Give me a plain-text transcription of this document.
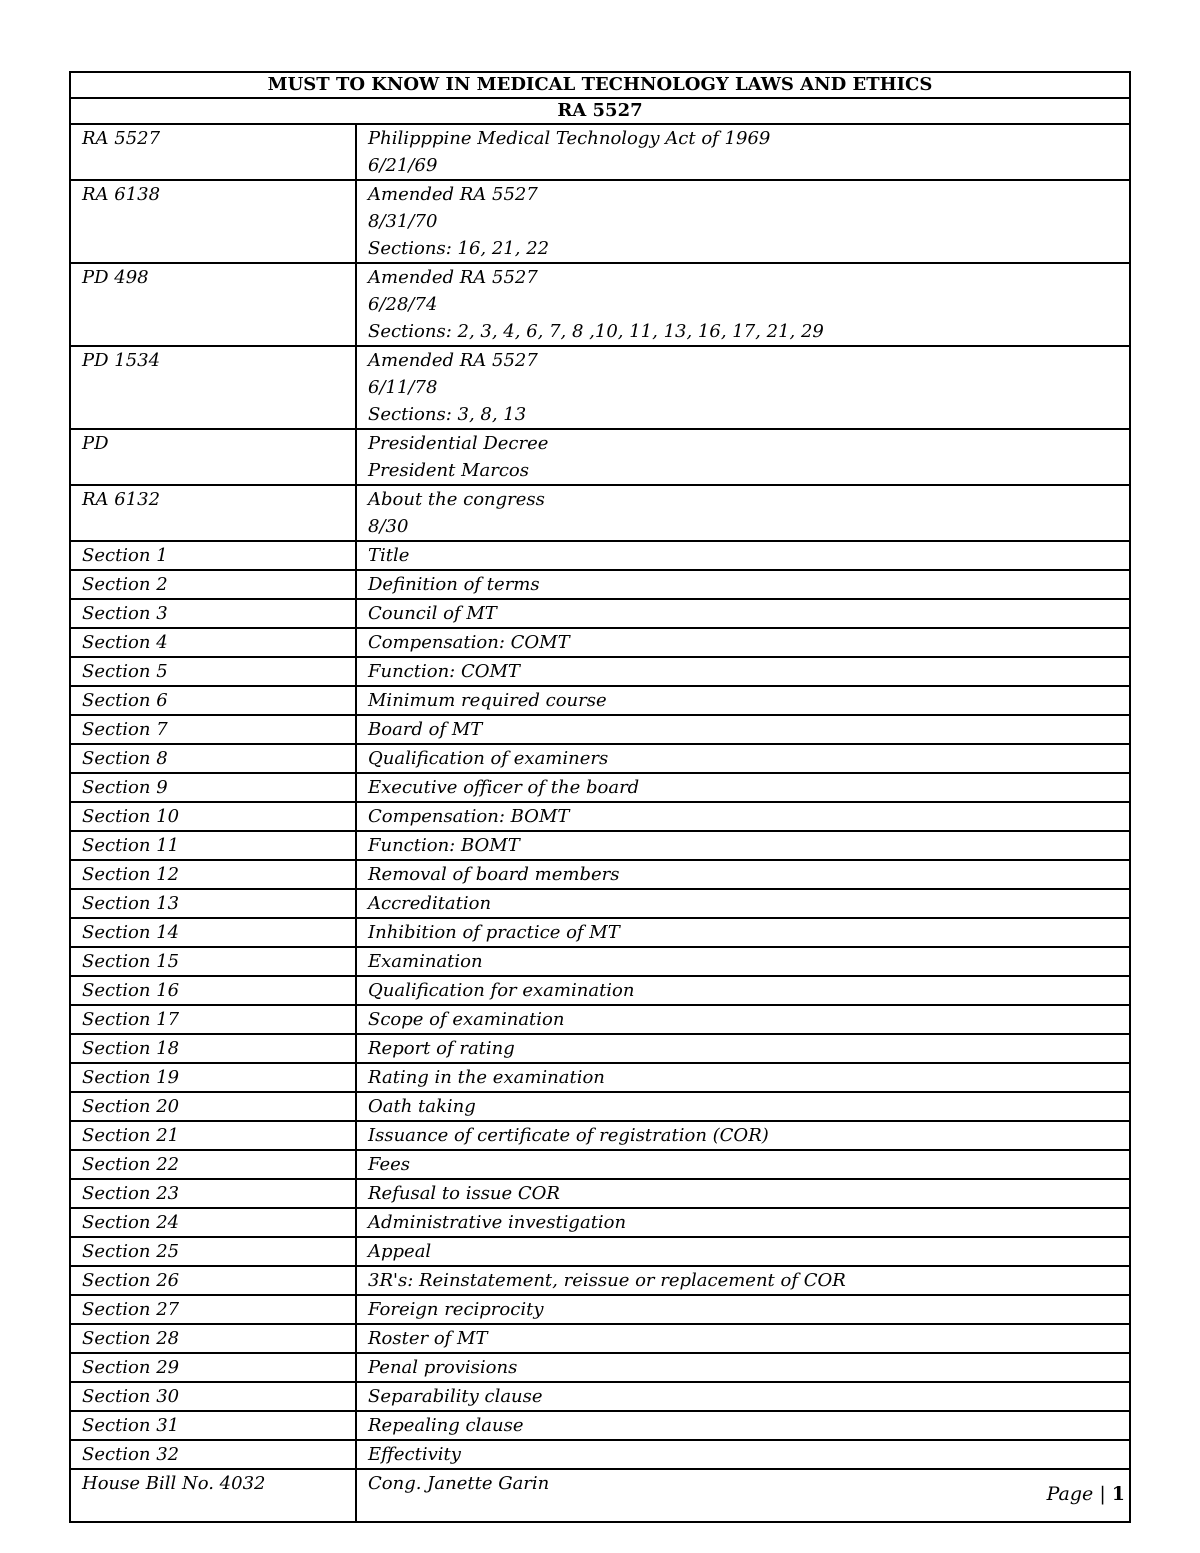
MUST TO KNOW IN MEDICAL TECHNOLOGY LAWS AND ETHICS	
RA 5527	

RA 5527	Philipppine Medical Technology Act of 1969
6/21/69

RA 6138	Amended RA 5527
8/31/70
Sections: 16, 21, 22

PD 498	Amended RA 5527
6/28/74
Sections: 2, 3, 4, 6, 7, 8 ,10, 11, 13, 16, 17, 21, 29

PD 1534	Amended RA 5527
6/11/78
Sections: 3, 8, 13

PD	Presidential Decree
President Marcos

RA 6132	About the congress
8/30

Section 1	Title

Section 2	Definition of terms

Section 3	Council of MT

Section 4	Compensation: COMT

Section 5	Function: COMT

Section 6	Minimum required course

Section 7	Board of MT

Section 8	Qualification of examiners

Section 9	Executive officer of the board

Section 10	Compensation: BOMT

Section 11	Function: BOMT

Section 12	Removal of board members

Section 13	Accreditation

Section 14	Inhibition of practice of MT

Section 15	Examination

Section 16	Qualification for examination

Section 17	Scope of examination

Section 18	Report of rating

Section 19	Rating in the examination

Section 20	Oath taking

Section 21	Issuance of certificate of registration (COR)

Section 22	Fees

Section 23	Refusal to issue COR

Section 24	Administrative investigation

Section 25	Appeal

Section 26	3R's: Reinstatement, reissue or replacement of COR

Section 27	Foreign reciprocity

Section 28	Roster of MT

Section 29	Penal provisions

Section 30	Separability clause

Section 31	Repealing clause

Section 32	Effectivity

House Bill No. 4032	Cong. Janette Garin	Page | 1
